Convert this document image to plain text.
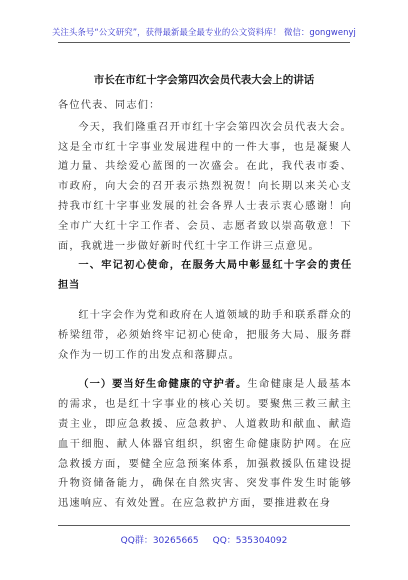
关注头条号“公文研究”，获得最新最全最专业的公文资料库！ 微信：gongwenyj
市长在市红十字会第四次会员代表大会上的讲话

各位代表、同志们：

今天，我们隆重召开市红十字会第四次会员代表大会。这是全市红十字事业发展进程中的一件大事，也是凝聚人道力量、共绘爱心蓝图的一次盛会。在此，我代表市委、市政府，向大会的召开表示热烈祝贺！向长期以来关心支持我市红十字事业发展的社会各界人士表示衷心感谢！向全市广大红十字工作者、会员、志愿者致以崇高敬意！下面，我就进一步做好新时代红十字工作讲三点意见。

一、牢记初心使命，在服务大局中彰显红十字会的责任担当

红十字会作为党和政府在人道领域的助手和联系群众的桥梁纽带，必须始终牢记初心使命，把服务大局、服务群众作为一切工作的出发点和落脚点。

（一）要当好生命健康的守护者。生命健康是人最基本的需求，也是红十字事业的核心关切。要聚焦三救三献主责主业，即应急救援、应急救护、人道救助和献血、献造血干细胞、献人体器官组织，织密生命健康防护网。在应急救援方面，要健全应急预案体系，加强救援队伍建设提升物资储备能力，确保在自然灾害、突发事件发生时能够迅速响应、有效处置。在应急救护方面，要推进救在身

QQ群：30265665 QQ：535304092
